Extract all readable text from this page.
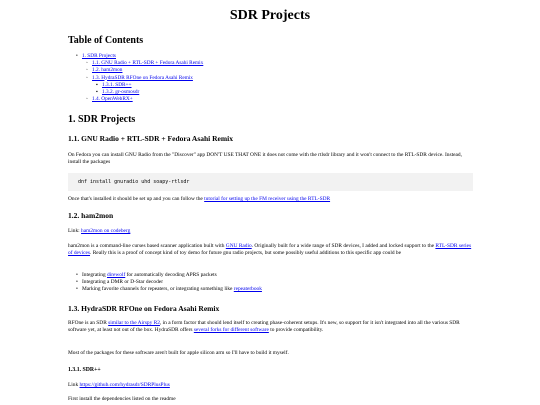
SDR Projects
Table of Contents
• 1. SDR Projects
◦ 1.1. GNU Radio + RTL-SDR + Fedora Asahi Remix
◦ 1.2. ham2mon
◦ 1.3. HydraSDR RFOne on Fedora Asahi Remix
▪ 1.3.1. SDR++
▪ 1.3.2. gr-osmosdr
◦ 1.4. OpenWebRX+
1. SDR Projects
1.1. GNU Radio + RTL-SDR + Fedora Asahi Remix

On Fedora you can install GNU Radio from the "Discover" app DON'T USE THAT ONE it does not come with the rtlsdr library and it won't connect to the RTL-SDR device. Instead, install the packages

dnf install gnuradio uhd soapy-rtlsdr

Once that's installed it should be set up and you can follow the tutorial for setting up the FM receiver using the RTL-SDR

1.2. ham2mon

Link: ham2mon on codeberg

ham2mon is a command-line curses based scanner application built with GNU Radio. Originally built for a wide range of SDR devices, I added and locked support to the RTL-SDR series of devices. Really this is a proof of concept kind of toy demo for future gnu radio projects, but some possibly useful additions to this specific app could be

• Integrating direwolf for automatically decoding APRS packets
• Integrating a DMR or D-Star decoder
• Marking favorite channels for repeaters, or integrating something like repeaterbook
1.3. HydraSDR RFOne on Fedora Asahi Remix

RFOne is an SDR similar to the Airspy R2, in a form factor that should lend itself to creating phase-coherent setups. It's new, so support for it isn't integrated into all the various SDR software yet, at least not out of the box. HydraSDR offers several forks for different software to provide compatibility.

Most of the packages for these software aren't built for apple silicon arm so I'll have to build it myself.

1.3.1. SDR++

Link https://github.com/hydrasdr/SDRPlusPlus

First install the dependencies listed on the readme
